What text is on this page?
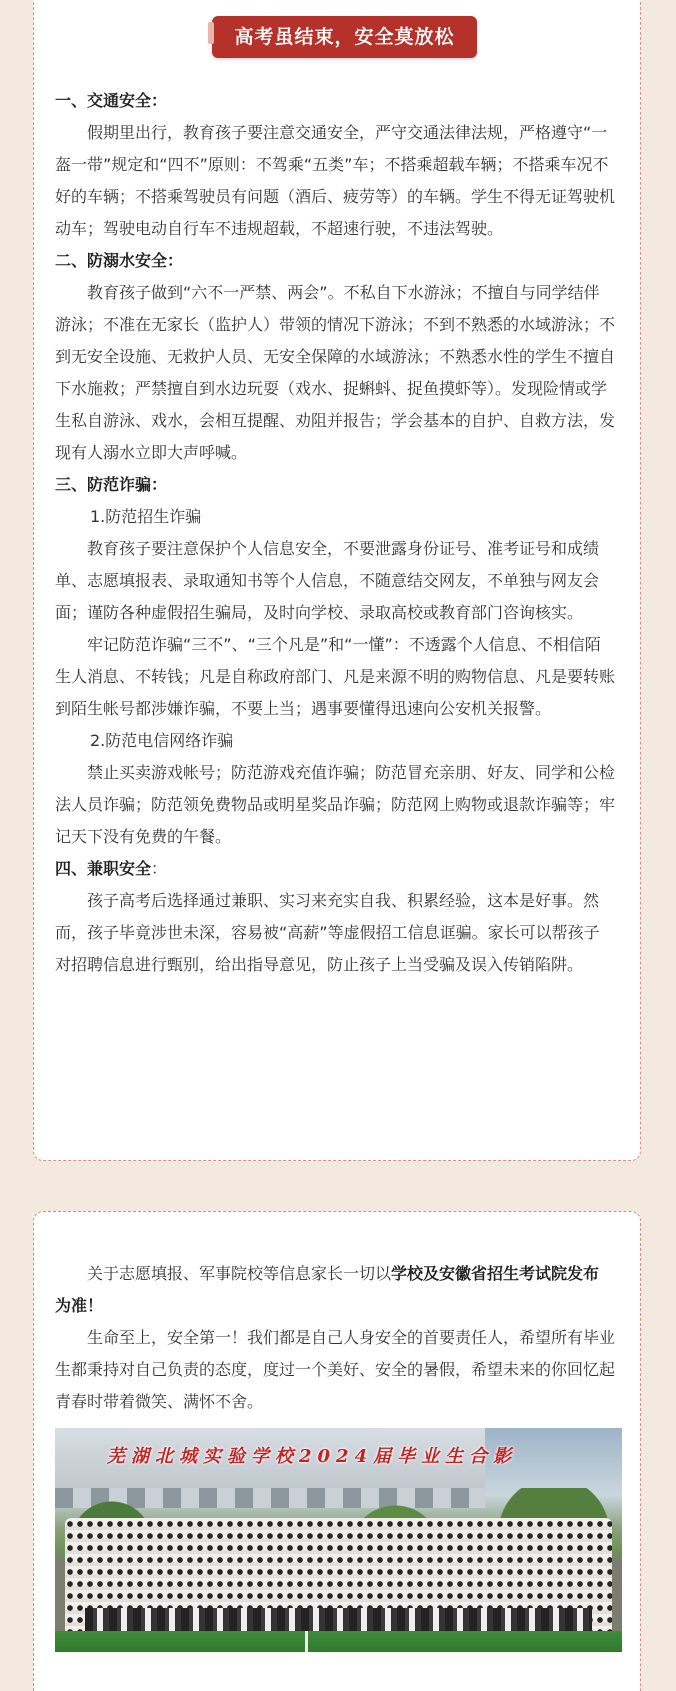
高考虽结束，安全莫放松

一、交通安全：

假期里出行，教育孩子要注意交通安全，严守交通法律法规，严格遵守“一盔一带”规定和“四不”原则：不驾乘“五类”车；不搭乘超载车辆；不搭乘车况不好的车辆；不搭乘驾驶员有问题（酒后、疲劳等）的车辆。学生不得无证驾驶机动车；驾驶电动自行车不违规超载，不超速行驶，不违法驾驶。

二、防溺水安全：

教育孩子做到“六不一严禁、两会”。不私自下水游泳；不擅自与同学结伴游泳；不准在无家长（监护人）带领的情况下游泳；不到不熟悉的水域游泳；不到无安全设施、无救护人员、无安全保障的水域游泳；不熟悉水性的学生不擅自下水施救；严禁擅自到水边玩耍（戏水、捉蝌蚪、捉鱼摸虾等）。发现险情或学生私自游泳、戏水，会相互提醒、劝阻并报告；学会基本的自护、自救方法，发现有人溺水立即大声呼喊。

三、防范诈骗：

1.防范招生诈骗

教育孩子要注意保护个人信息安全，不要泄露身份证号、准考证号和成绩单、志愿填报表、录取通知书等个人信息，不随意结交网友，不单独与网友会面；谨防各种虚假招生骗局，及时向学校、录取高校或教育部门咨询核实。

牢记防范诈骗“三不”、“三个凡是”和“一懂”：不透露个人信息、不相信陌生人消息、不转钱；凡是自称政府部门、凡是来源不明的购物信息、凡是要转账到陌生帐号都涉嫌诈骗，不要上当；遇事要懂得迅速向公安机关报警。

2.防范电信网络诈骗

禁止买卖游戏帐号；防范游戏充值诈骗；防范冒充亲朋、好友、同学和公检法人员诈骗；防范领免费物品或明星奖品诈骗；防范网上购物或退款诈骗等；牢记天下没有免费的午餐。

四、兼职安全：

孩子高考后选择通过兼职、实习来充实自我、积累经验，这本是好事。然而，孩子毕竟涉世未深，容易被“高薪”等虚假招工信息诓骗。家长可以帮孩子对招聘信息进行甄别，给出指导意见，防止孩子上当受骗及误入传销陷阱。

关于志愿填报、军事院校等信息家长一切以学校及安徽省招生考试院发布为准！

生命至上，安全第一！我们都是自己人身安全的首要责任人，希望所有毕业生都秉持对自己负责的态度，度过一个美好、安全的暑假，希望未来的你回忆起青春时带着微笑、满怀不舍。

芜湖北城实验学校2024届毕业生合影
